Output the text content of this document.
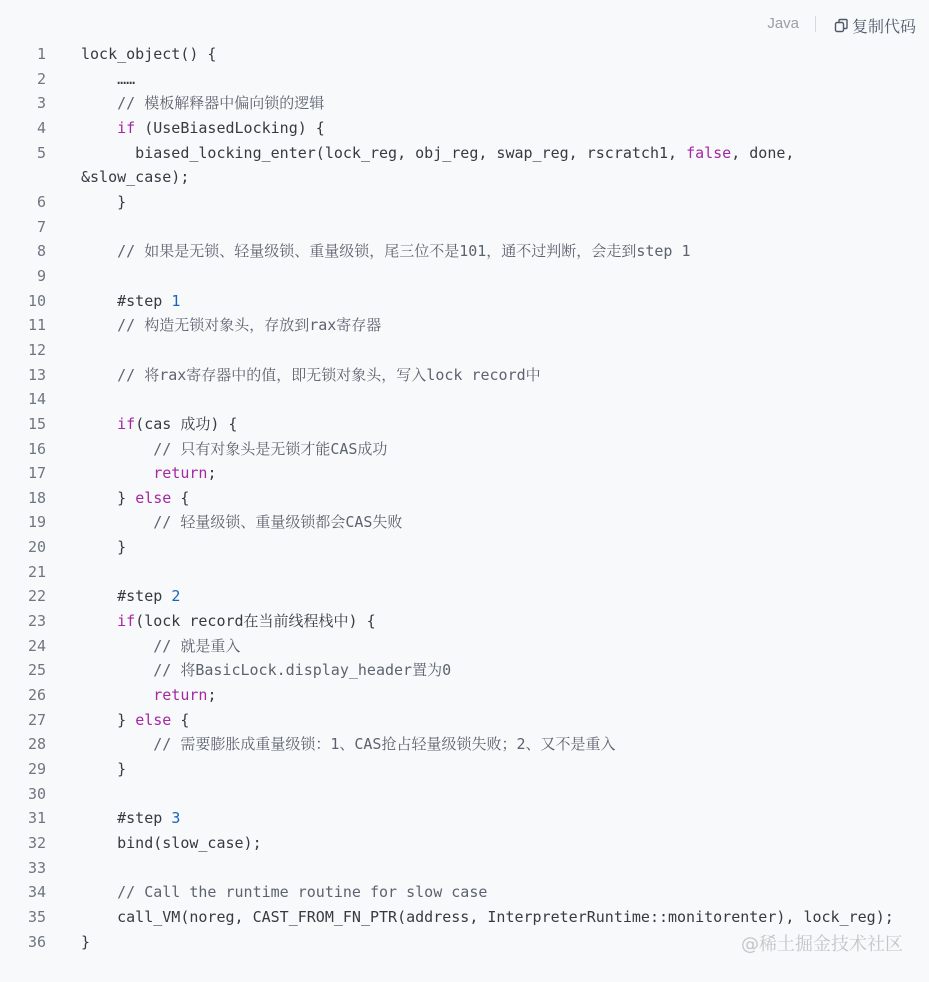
Java	复制代码
1 lock_object() {
2 ……
3	// 模板解释器中偏向锁的逻辑
4	if (UseBiasedLocking) {
5 biased_locking_enter(lock_reg, obj_reg, swap_reg, rscratch1, false, done,
&slow_case);
6 }
7
8	// 如果是无锁、轻量级锁、重量级锁，尾三位不是101，通不过判断，会走到step 1
9
10 #step 1
11	// 构造无锁对象头，存放到rax寄存器
12
13	// 将rax寄存器中的值，即无锁对象头，写入lock record中
14
15	if(cas 成功) {
16	// 只有对象头是无锁才能CAS成功
17	return;
18 } else {
19	// 轻量级锁、重量级锁都会CAS失败
20 }
21
22 #step 2
23	if(lock record在当前线程栈中) {
24	// 就是重入
25	// 将BasicLock.display_header置为0
26	return;
27 } else {
28	// 需要膨胀成重量级锁：1、CAS抢占轻量级锁失败；2、又不是重入
29 }
30
31 #step 3
32 bind(slow_case);
33
34	// Call the runtime routine for slow case
35 call_VM(noreg, CAST_FROM_FN_PTR(address, InterpreterRuntime::monitorenter), lock_reg);
36 }	@稀土掘金技术社区
